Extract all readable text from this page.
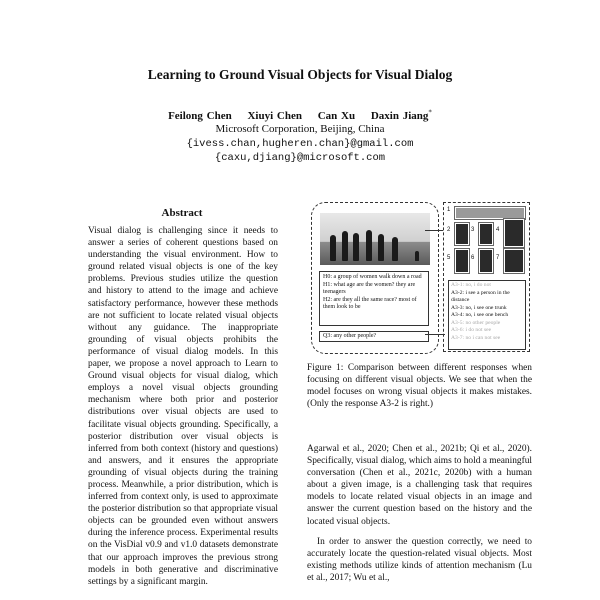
Learning to Ground Visual Objects for Visual Dialog
Feilong Chen Xiuyi Chen Can Xu Daxin Jiang*
Microsoft Corporation, Beijing, China
{ivess.chan,hugheren.chan}@gmail.com
{caxu,djiang}@microsoft.com
Abstract
Visual dialog is challenging since it needs to answer a series of coherent questions based on understanding the visual environment. How to ground related visual objects is one of the key problems. Previous studies utilize the question and history to attend to the image and achieve satisfactory performance, however these methods are not sufficient to locate related visual objects without any guidance. The inappropriate grounding of visual objects prohibits the performance of visual dialog models. In this paper, we propose a novel approach to Learn to Ground visual objects for visual dialog, which employs a novel visual objects grounding mechanism where both prior and posterior distributions over visual objects are used to facilitate visual objects grounding. Specifically, a posterior distribution over visual objects is inferred from both context (history and questions) and answers, and it ensures the appropriate grounding of visual objects during the training process. Meanwhile, a prior distribution, which is inferred from context only, is used to approximate the posterior distribution so that appropriate visual objects can be grounded even without answers during the inference process. Experimental results on the VisDial v0.9 and v1.0 datasets demonstrate that our approach improves the previous strong models in both generative and discriminative settings by a significant margin.
H0: a group of women walk down a road
H1: what age are the women? they are teenagers
H2: are they all the same race? most of them look to be
Q3: any other people?
1
2	3	4
5	6	7
A3-1: no, i do not
A3-2: i see a person in the distance
A3-3: no, i see one trunk
A3-4: no, i see one bench
A3-5: no other people
A3-6: i do not see
A3-7: no i can not see
Figure 1: Comparison between different responses when focusing on different visual objects. We see that when the model focuses on wrong visual objects it makes mistakes. (Only the response A3-2 is right.)

Agarwal et al., 2020; Chen et al., 2021b; Qi et al., 2020). Specifically, visual dialog, which aims to hold a meaningful conversation (Chen et al., 2021c, 2020b) with a human about a given image, is a challenging task that requires models to locate related visual objects in an image and answer the current question based on the history and the located visual objects.

In order to answer the question correctly, we need to accurately locate the question-related visual objects. Most existing methods utilize kinds of attention mechanism (Lu et al., 2017; Wu et al.,
